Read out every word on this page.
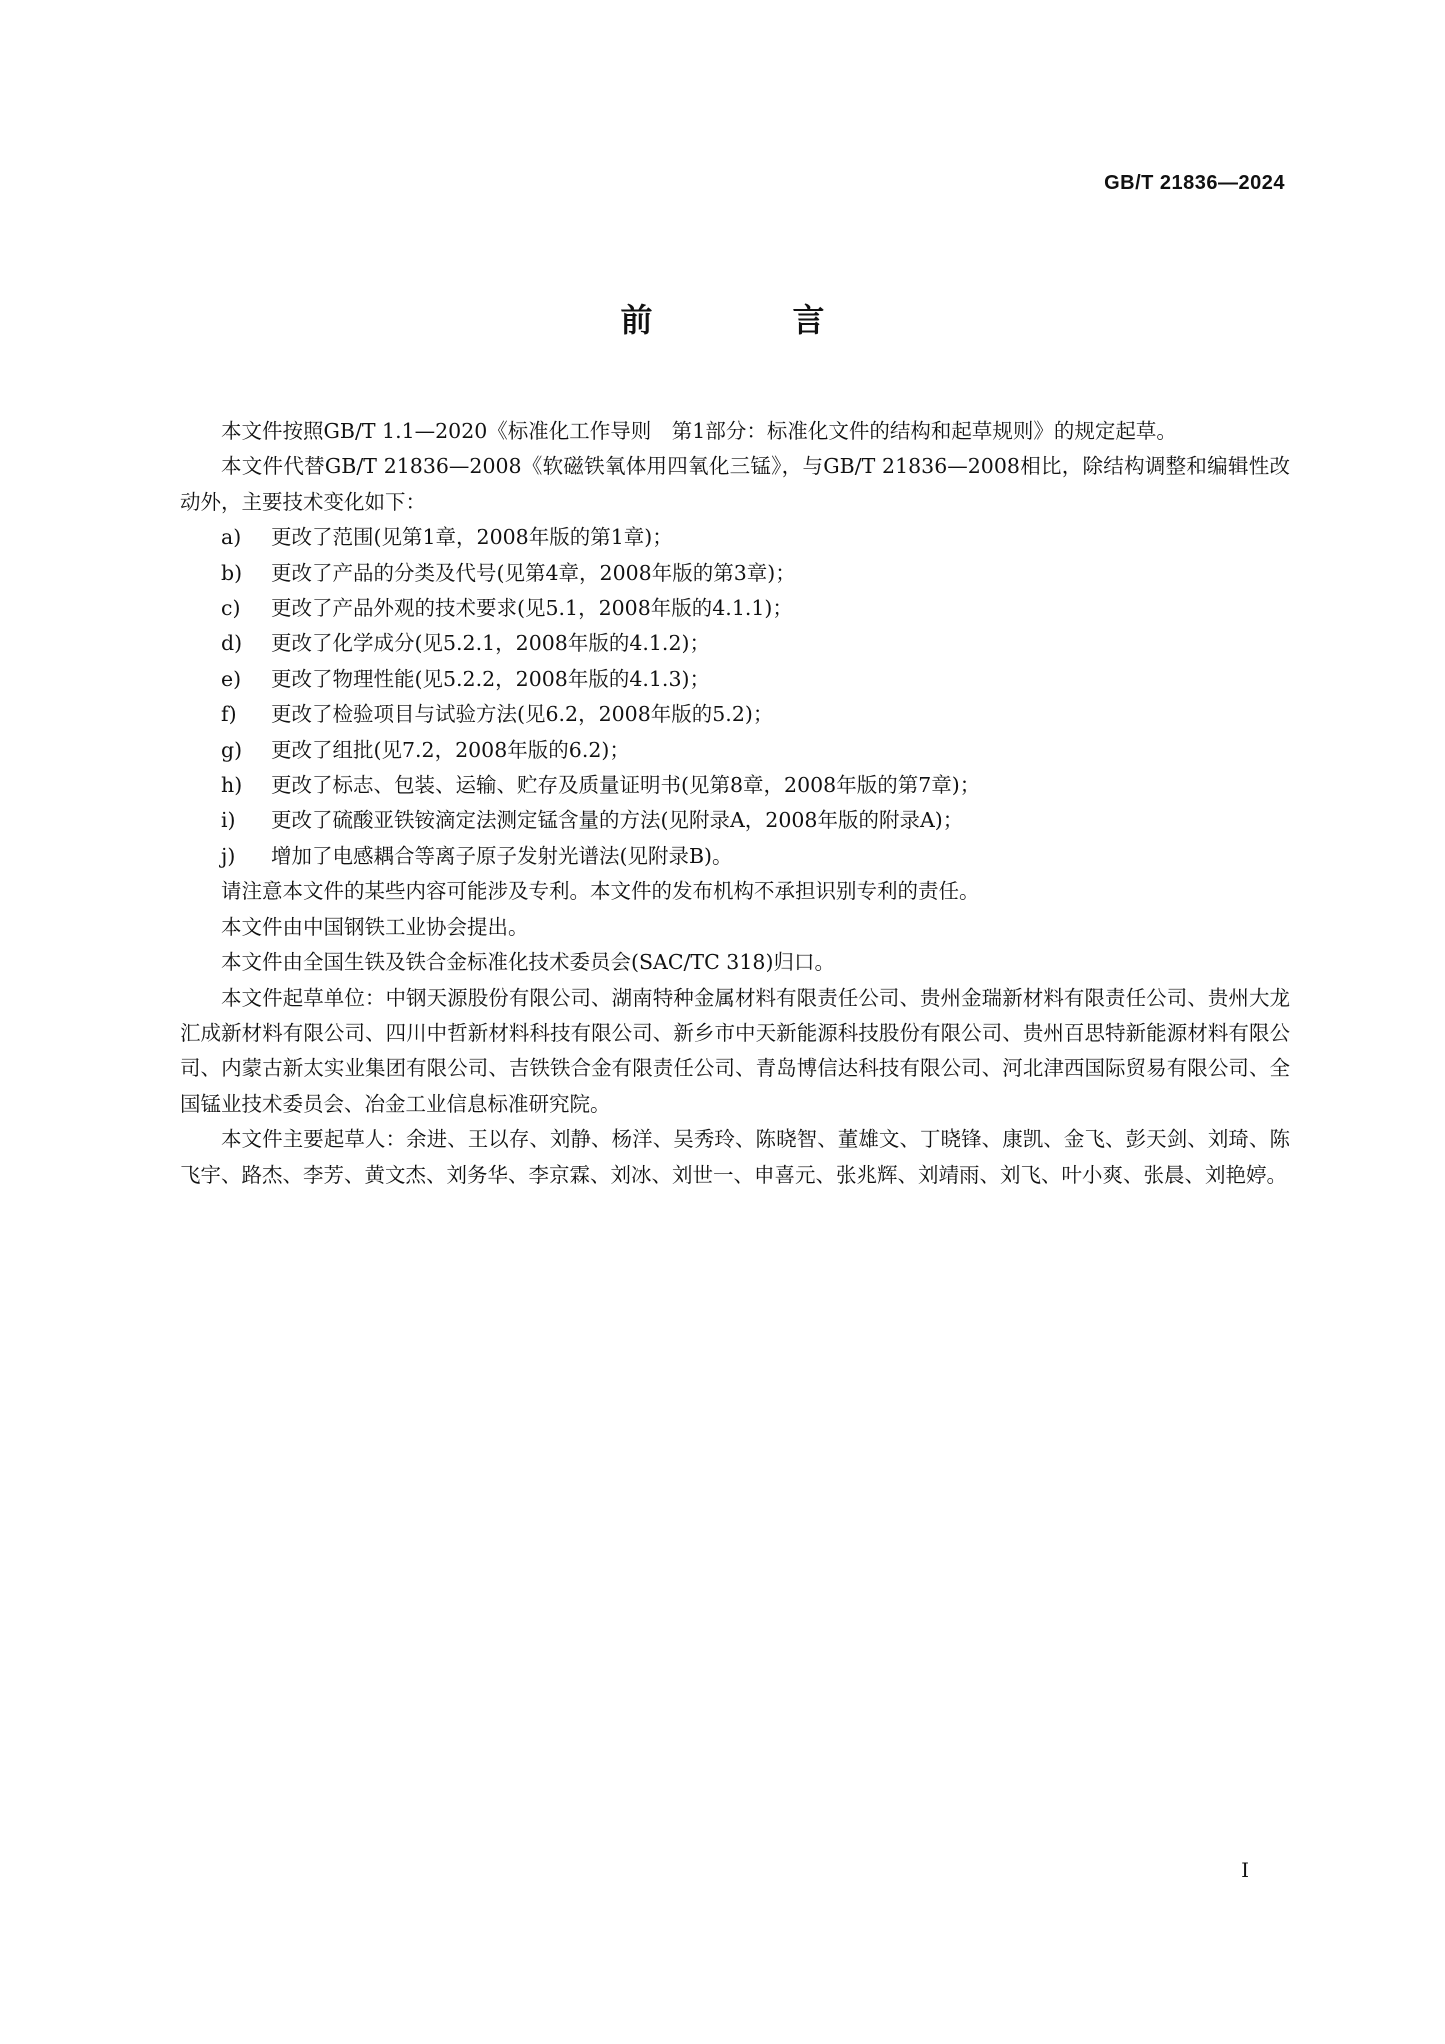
GB/T 21836—2024
前　言

本文件按照GB/T 1.1—2020《标准化工作导则　第1部分：标准化文件的结构和起草规则》的规定起草。

本文件代替GB/T 21836—2008《软磁铁氧体用四氧化三锰》，与GB/T 21836—2008相比，除结构调整和编辑性改动外，主要技术变化如下：

a) 更改了范围(见第1章，2008年版的第1章)；
b) 更改了产品的分类及代号(见第4章，2008年版的第3章)；
c) 更改了产品外观的技术要求(见5.1，2008年版的4.1.1)；
d) 更改了化学成分(见5.2.1，2008年版的4.1.2)；
e) 更改了物理性能(见5.2.2，2008年版的4.1.3)；
f) 更改了检验项目与试验方法(见6.2，2008年版的5.2)；
g) 更改了组批(见7.2，2008年版的6.2)；
h) 更改了标志、包装、运输、贮存及质量证明书(见第8章，2008年版的第7章)；
i) 更改了硫酸亚铁铵滴定法测定锰含量的方法(见附录A，2008年版的附录A)；
j) 增加了电感耦合等离子原子发射光谱法(见附录B)。

请注意本文件的某些内容可能涉及专利。本文件的发布机构不承担识别专利的责任。

本文件由中国钢铁工业协会提出。

本文件由全国生铁及铁合金标准化技术委员会(SAC/TC 318)归口。

本文件起草单位：中钢天源股份有限公司、湖南特种金属材料有限责任公司、贵州金瑞新材料有限责任公司、贵州大龙汇成新材料有限公司、四川中哲新材料科技有限公司、新乡市中天新能源科技股份有限公司、贵州百思特新能源材料有限公司、内蒙古新太实业集团有限公司、吉铁铁合金有限责任公司、青岛博信达科技有限公司、河北津西国际贸易有限公司、全国锰业技术委员会、冶金工业信息标准研究院。

本文件主要起草人：余进、王以存、刘静、杨洋、吴秀玲、陈晓智、董雄文、丁晓锋、康凯、金飞、彭天剑、刘琦、陈飞宇、路杰、李芳、黄文杰、刘务华、李京霖、刘冰、刘世一、申喜元、张兆辉、刘靖雨、刘飞、叶小爽、张晨、刘艳婷。

I
